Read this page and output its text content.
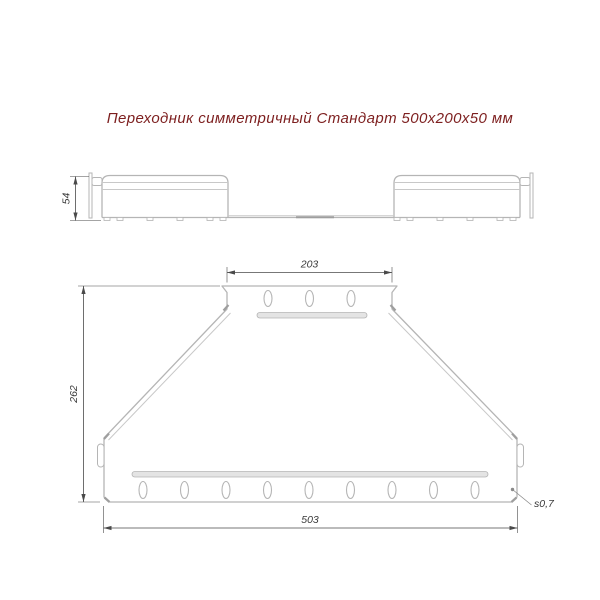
Переходник симметричный Стандарт 500х200х50 мм
54
203
262
503
s0,7
